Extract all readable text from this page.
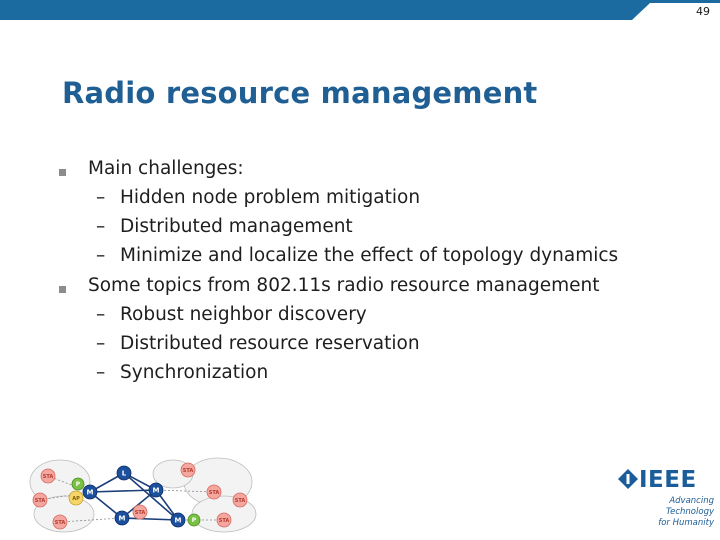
49
Radio resource management
Main challenges:
– Hidden node problem mitigation
– Distributed management
– Minimize and localize the effect of topology dynamics
Some topics from 802.11s radio resource management
– Robust neighbor discovery
– Distributed resource reservation
– Synchronization
STA
P
L
M	M
M	M P
STA
STA
STA
STA
STA
STA
STA
AP
IEEE
Advancing Technology
for Humanity
